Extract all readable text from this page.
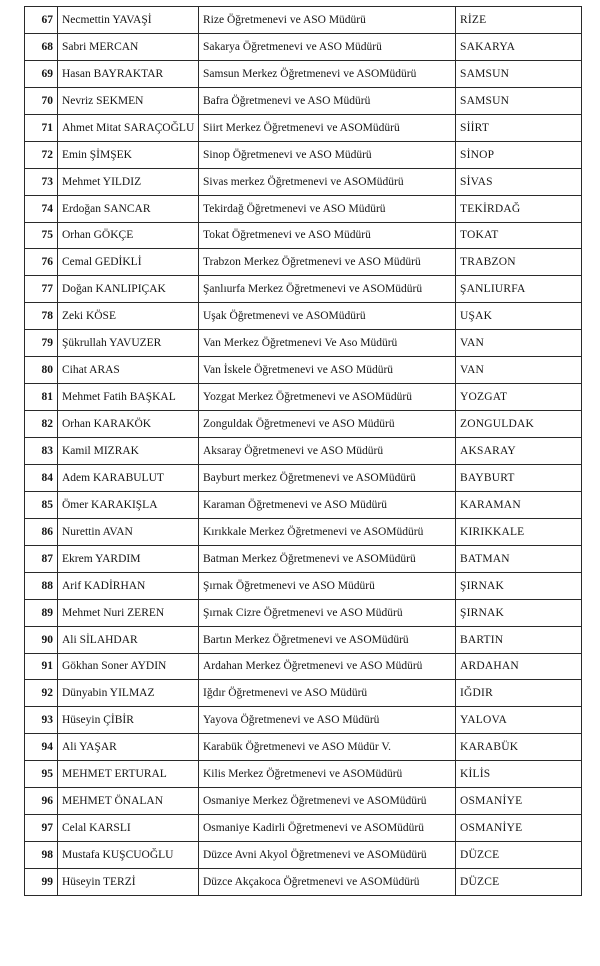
67	Necmettin YAVAŞİ	Rize Öğretmenevi ve ASO Müdürü	RİZE
68	Sabri MERCAN	Sakarya Öğretmenevi ve ASO Müdürü	SAKARYA
69	Hasan BAYRAKTAR	Samsun Merkez Öğretmenevi ve ASOMüdürü	SAMSUN
70	Nevriz SEKMEN	Bafra Öğretmenevi ve ASO Müdürü	SAMSUN
71	Ahmet Mitat SARAÇOĞLU	Siirt Merkez Öğretmenevi ve ASOMüdürü	SİİRT
72	Emin ŞİMŞEK	Sinop Öğretmenevi ve ASO Müdürü	SİNOP
73	Mehmet YILDIZ	Sivas merkez Öğretmenevi ve ASOMüdürü	SİVAS
74	Erdoğan SANCAR	Tekirdağ Öğretmenevi ve ASO Müdürü	TEKİRDAĞ
75	Orhan GÖKÇE	Tokat Öğretmenevi ve ASO Müdürü	TOKAT
76	Cemal GEDİKLİ	Trabzon Merkez Öğretmenevi ve ASO Müdürü	TRABZON
77	Doğan KANLIPIÇAK	Şanlıurfa Merkez Öğretmenevi ve ASOMüdürü	ŞANLIURFA
78	Zeki KÖSE	Uşak Öğretmenevi ve ASOMüdürü	UŞAK
79	Şükrullah YAVUZER	Van Merkez Öğretmenevi Ve Aso Müdürü	VAN
80	Cihat ARAS	Van İskele Öğretmenevi ve ASO Müdürü	VAN
81	Mehmet Fatih BAŞKAL	Yozgat Merkez Öğretmenevi ve ASOMüdürü	YOZGAT
82	Orhan KARAKÖK	Zonguldak Öğretmenevi ve ASO Müdürü	ZONGULDAK
83	Kamil MIZRAK	Aksaray Öğretmenevi ve ASO Müdürü	AKSARAY
84	Adem KARABULUT	Bayburt merkez Öğretmenevi ve ASOMüdürü	BAYBURT
85	Ömer KARAKIŞLA	Karaman Öğretmenevi ve ASO Müdürü	KARAMAN
86	Nurettin AVAN	Kırıkkale Merkez Öğretmenevi ve ASOMüdürü	KIRIKKALE
87	Ekrem YARDIM	Batman Merkez Öğretmenevi ve ASOMüdürü	BATMAN
88	Arif KADİRHAN	Şırnak Öğretmenevi ve ASO Müdürü	ŞIRNAK
89	Mehmet Nuri ZEREN	Şırnak Cizre Öğretmenevi ve ASO Müdürü	ŞIRNAK
90	Ali SİLAHDAR	Bartın Merkez Öğretmenevi ve ASOMüdürü	BARTIN
91	Gökhan Soner AYDIN	Ardahan Merkez Öğretmenevi ve ASO Müdürü	ARDAHAN
92	Dünyabin YILMAZ	Iğdır Öğretmenevi ve ASO Müdürü	IĞDIR
93	Hüseyin ÇİBİR	Yayova Öğretmenevi ve ASO Müdürü	YALOVA
94	Ali YAŞAR	Karabük Öğretmenevi ve ASO Müdür V.	KARABÜK
95	MEHMET ERTURAL	Kilis Merkez Öğretmenevi ve ASOMüdürü	KİLİS
96	MEHMET ÖNALAN	Osmaniye Merkez Öğretmenevi ve ASOMüdürü	OSMANİYE
97	Celal KARSLI	Osmaniye Kadirli Öğretmenevi ve ASOMüdürü	OSMANİYE
98	Mustafa KUŞCUOĞLU	Düzce Avni Akyol Öğretmenevi ve ASOMüdürü	DÜZCE
99	Hüseyin TERZİ	Düzce Akçakoca Öğretmenevi ve ASOMüdürü	DÜZCE
